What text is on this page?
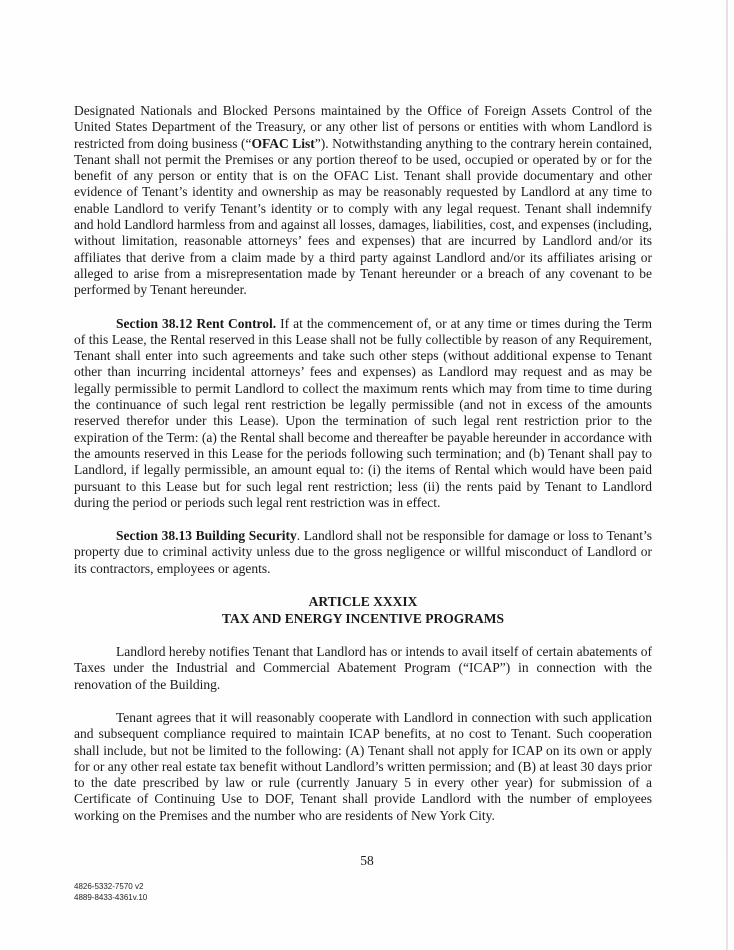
Designated Nationals and Blocked Persons maintained by the Office of Foreign Assets Control of the United States Department of the Treasury, or any other list of persons or entities with whom Landlord is restricted from doing business (“OFAC List”). Notwithstanding anything to the contrary herein contained, Tenant shall not permit the Premises or any portion thereof to be used, occupied or operated by or for the benefit of any person or entity that is on the OFAC List. Tenant shall provide documentary and other evidence of Tenant’s identity and ownership as may be reasonably requested by Landlord at any time to enable Landlord to verify Tenant’s identity or to comply with any legal request. Tenant shall indemnify and hold Landlord harmless from and against all losses, damages, liabilities, cost, and expenses (including, without limitation, reasonable attorneys’ fees and expenses) that are incurred by Landlord and/or its affiliates that derive from a claim made by a third party against Landlord and/or its affiliates arising or alleged to arise from a misrepresentation made by Tenant hereunder or a breach of any covenant to be performed by Tenant hereunder.

Section 38.12 Rent Control. If at the commencement of, or at any time or times during the Term of this Lease, the Rental reserved in this Lease shall not be fully collectible by reason of any Requirement, Tenant shall enter into such agreements and take such other steps (without additional expense to Tenant other than incurring incidental attorneys’ fees and expenses) as Landlord may request and as may be legally permissible to permit Landlord to collect the maximum rents which may from time to time during the continuance of such legal rent restriction be legally permissible (and not in excess of the amounts reserved therefor under this Lease). Upon the termination of such legal rent restriction prior to the expiration of the Term: (a) the Rental shall become and thereafter be payable hereunder in accordance with the amounts reserved in this Lease for the periods following such termination; and (b) Tenant shall pay to Landlord, if legally permissible, an amount equal to: (i) the items of Rental which would have been paid pursuant to this Lease but for such legal rent restriction; less (ii) the rents paid by Tenant to Landlord during the period or periods such legal rent restriction was in effect.

Section 38.13 Building Security. Landlord shall not be responsible for damage or loss to Tenant’s property due to criminal activity unless due to the gross negligence or willful misconduct of Landlord or its contractors, employees or agents.

ARTICLE XXXIX
TAX AND ENERGY INCENTIVE PROGRAMS

Landlord hereby notifies Tenant that Landlord has or intends to avail itself of certain abatements of Taxes under the Industrial and Commercial Abatement Program (“ICAP”) in connection with the renovation of the Building.

Tenant agrees that it will reasonably cooperate with Landlord in connection with such application and subsequent compliance required to maintain ICAP benefits, at no cost to Tenant. Such cooperation shall include, but not be limited to the following: (A) Tenant shall not apply for ICAP on its own or apply for or any other real estate tax benefit without Landlord’s written permission; and (B) at least 30 days prior to the date prescribed by law or rule (currently January 5 in every other year) for submission of a Certificate of Continuing Use to DOF, Tenant shall provide Landlord with the number of employees working on the Premises and the number who are residents of New York City.

58
4826-5332-7570 v2
4889-8433-4361v.10
